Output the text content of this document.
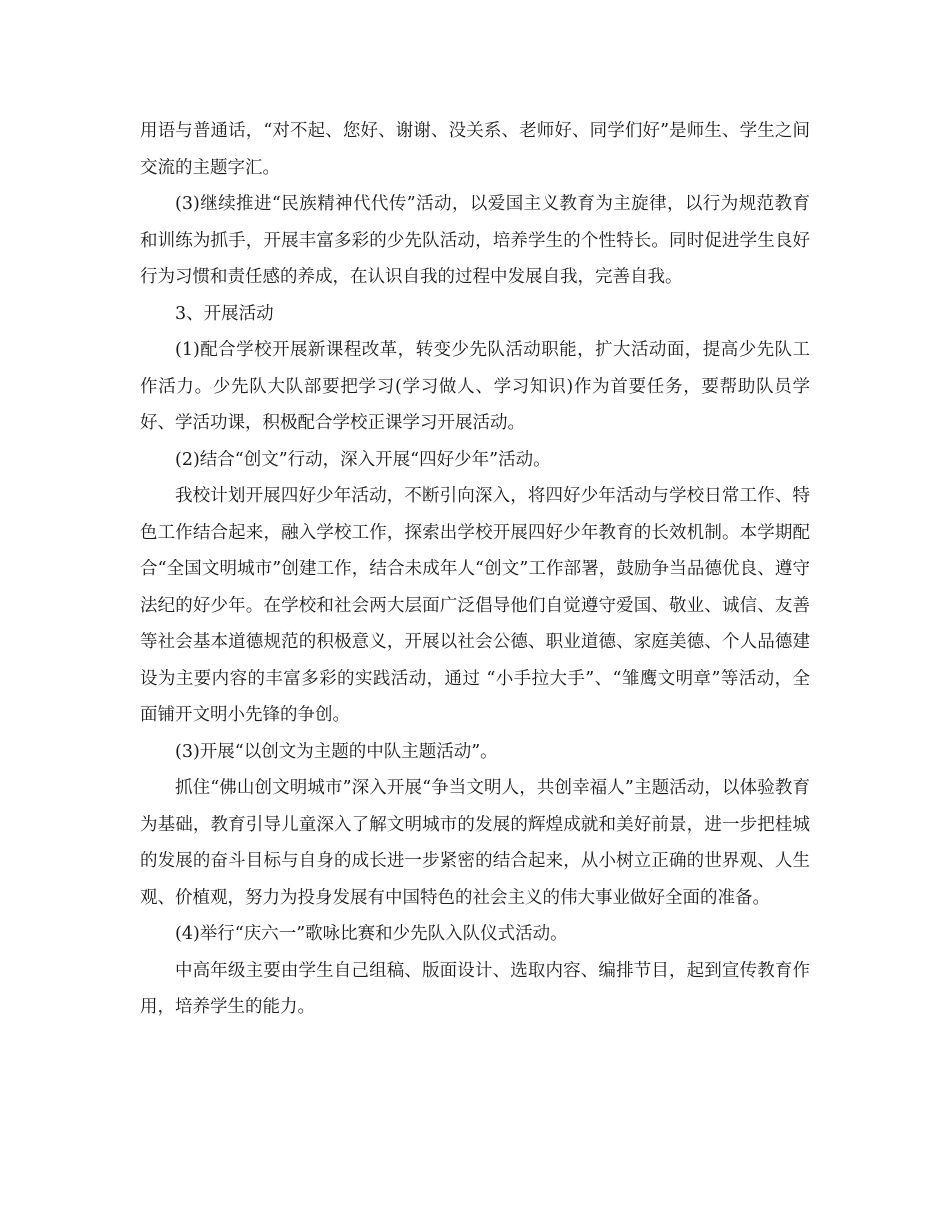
用语与普通话，“对不起、您好、谢谢、没关系、老师好、同学们好”是师生、学生之间交流的主题字汇。

(3)继续推进“民族精神代代传”活动，以爱国主义教育为主旋律，以行为规范教育和训练为抓手，开展丰富多彩的少先队活动，培养学生的个性特长。同时促进学生良好行为习惯和责任感的养成，在认识自我的过程中发展自我，完善自我。

3、开展活动

(1)配合学校开展新课程改革，转变少先队活动职能，扩大活动面，提高少先队工作活力。少先队大队部要把学习(学习做人、学习知识)作为首要任务，要帮助队员学好、学活功课，积极配合学校正课学习开展活动。

(2)结合“创文”行动，深入开展“四好少年”活动。

我校计划开展四好少年活动，不断引向深入，将四好少年活动与学校日常工作、特色工作结合起来，融入学校工作，探索出学校开展四好少年教育的长效机制。本学期配合“全国文明城市”创建工作，结合未成年人“创文”工作部署，鼓励争当品德优良、遵守法纪的好少年。在学校和社会两大层面广泛倡导他们自觉遵守爱国、敬业、诚信、友善等社会基本道德规范的积极意义，开展以社会公德、职业道德、家庭美德、个人品德建设为主要内容的丰富多彩的实践活动，通过 “小手拉大手”、“雏鹰文明章”等活动，全面铺开文明小先锋的争创。

(3)开展“以创文为主题的中队主题活动”。

抓住“佛山创文明城市”深入开展“争当文明人，共创幸福人”主题活动，以体验教育为基础，教育引导儿童深入了解文明城市的发展的辉煌成就和美好前景，进一步把桂城的发展的奋斗目标与自身的成长进一步紧密的结合起来，从小树立正确的世界观、人生观、价植观，努力为投身发展有中国特色的社会主义的伟大事业做好全面的准备。

(4)举行“庆六一”歌咏比赛和少先队入队仪式活动。

中高年级主要由学生自己组稿、版面设计、选取内容、编排节目，起到宣传教育作用，培养学生的能力。
